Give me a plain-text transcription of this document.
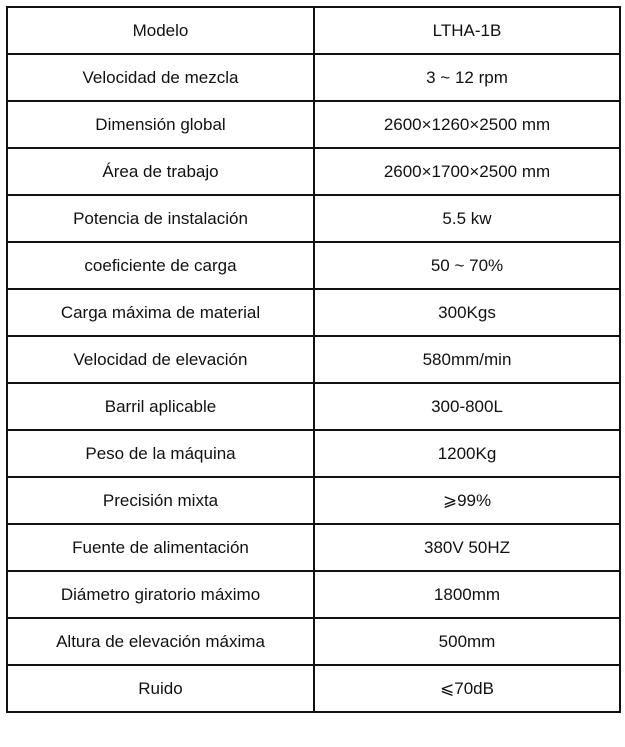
Modelo	LTHA-1B
Velocidad de mezcla	3 ~ 12 rpm
Dimensión global	2600×1260×2500 mm
Área de trabajo	2600×1700×2500 mm
Potencia de instalación	5.5 kw
coeficiente de carga	50 ~ 70%
Carga máxima de material	300Kgs
Velocidad de elevación	580mm/min
Barril aplicable	300-800L
Peso de la máquina	1200Kg
Precisión mixta	⩾99%
Fuente de alimentación	380V 50HZ
Diámetro giratorio máximo	1800mm
Altura de elevación máxima	500mm
Ruido	⩽70dB
